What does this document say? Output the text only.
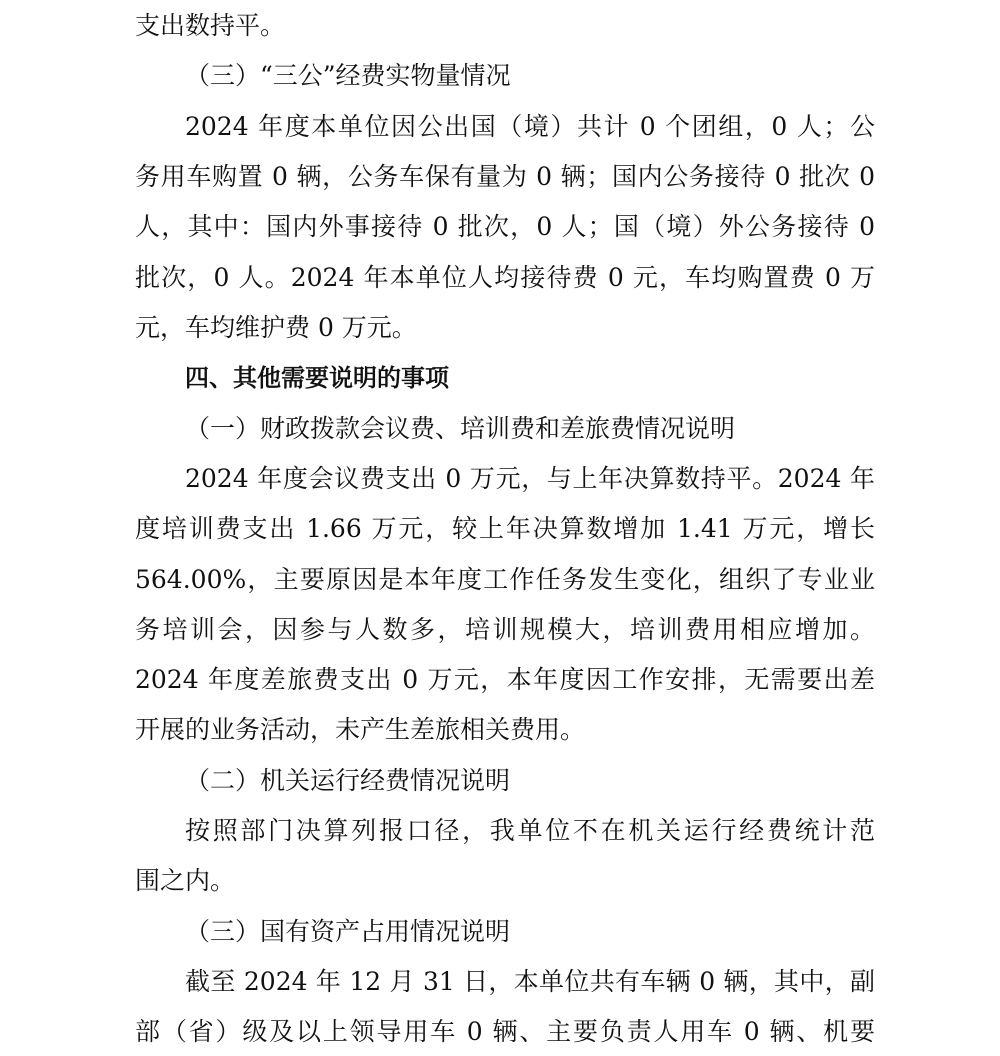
支出数持平。
（三）“三公”经费实物量情况
2024 年度本单位因公出国（境）共计 0 个团组，0 人；公
务用车购置 0 辆，公务车保有量为 0 辆；国内公务接待 0 批次 0
人，其中：国内外事接待 0 批次，0 人；国（境）外公务接待 0
批次，0 人。2024 年本单位人均接待费 0 元，车均购置费 0 万
元，车均维护费 0 万元。
四、其他需要说明的事项
（一）财政拨款会议费、培训费和差旅费情况说明
2024 年度会议费支出 0 万元，与上年决算数持平。2024 年
度培训费支出 1.66 万元，较上年决算数增加 1.41 万元，增长
564.00%，主要原因是本年度工作任务发生变化，组织了专业业
务培训会，因参与人数多，培训规模大，培训费用相应增加。
2024 年度差旅费支出 0 万元，本年度因工作安排，无需要出差
开展的业务活动，未产生差旅相关费用。
（二）机关运行经费情况说明
按照部门决算列报口径，我单位不在机关运行经费统计范
围之内。
（三）国有资产占用情况说明
截至 2024 年 12 月 31 日，本单位共有车辆 0 辆，其中，副
部（省）级及以上领导用车 0 辆、主要负责人用车 0 辆、机要
